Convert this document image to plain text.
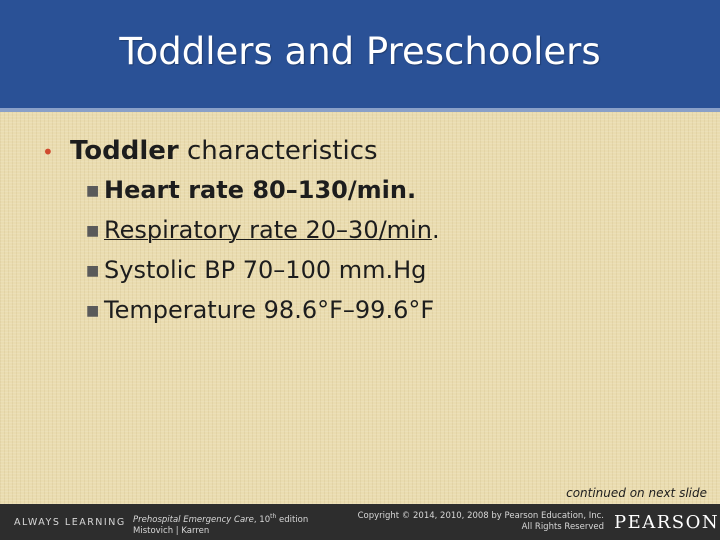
Toddlers and Preschoolers
• Toddler characteristics
■ Heart rate 80–130/min.
■ Respiratory rate 20–30/min.
■ Systolic BP 70–100 mm.Hg
■ Temperature 98.6°F–99.6°F
continued on next slide
ALWAYS LEARNING Prehospital Emergency Care, 10th edition
Mistovich | Karren
Copyright © 2014, 2010, 2008 by Pearson Education, Inc.
All Rights Reserved PEARSON
